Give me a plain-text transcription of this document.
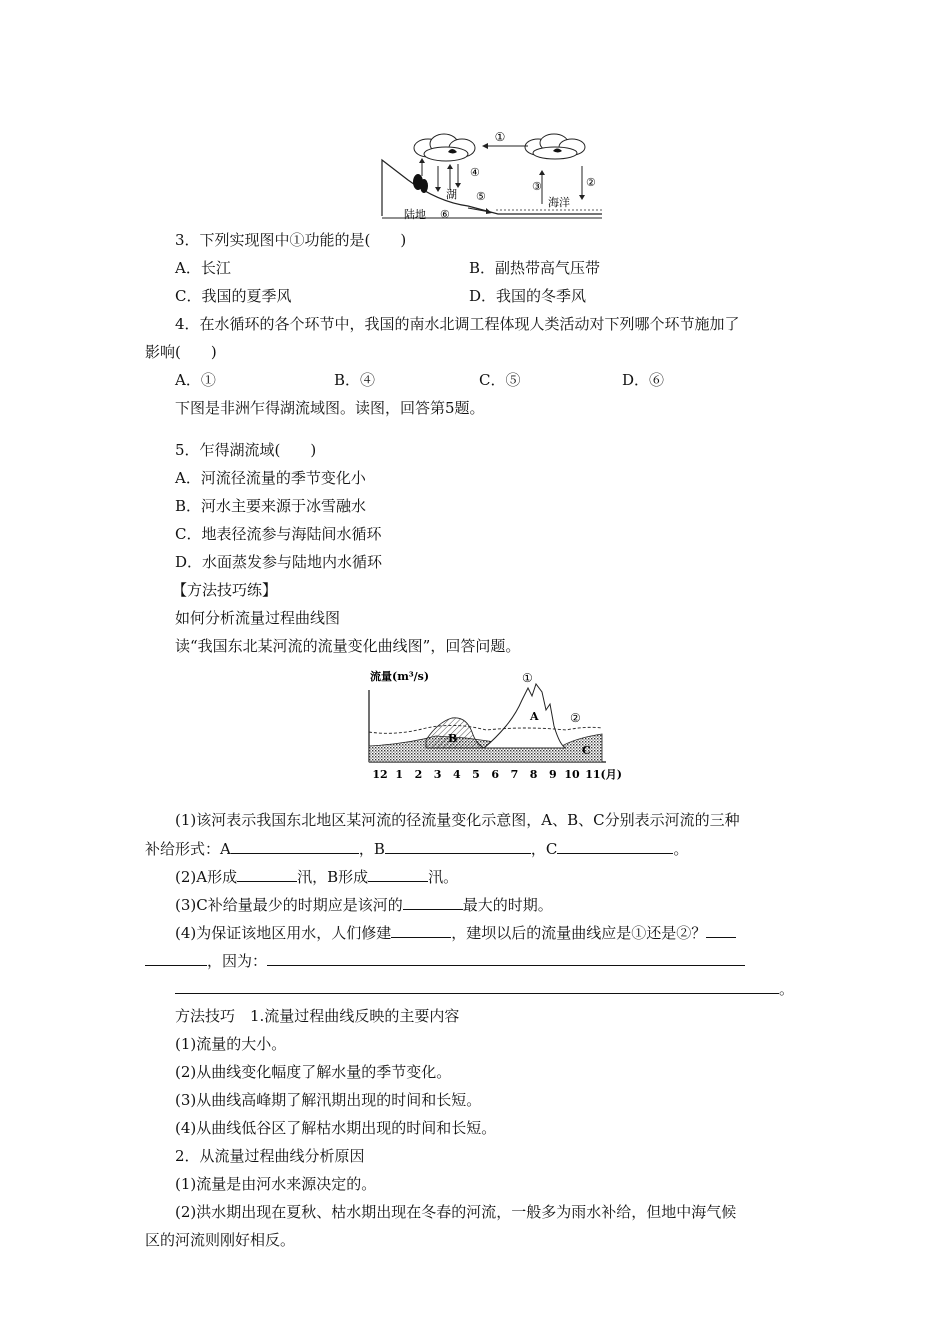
①
④
湖 ⑤
⑥
陆地
③	②
海洋
3．下列实现图中①功能的是(　　)
A．长江	B．副热带高气压带
C．我国的夏季风	D．我国的冬季风
4．在水循环的各个环节中，我国的南水北调工程体现人类活动对下列哪个环节施加了
影响(　　)
A．①	B．④	C．⑤	D．⑥
下图是非洲乍得湖流域图。读图，回答第5题。
5．乍得湖流域(　　)
A．河流径流量的季节变化小
B．河水主要来源于冰雪融水
C．地表径流参与海陆间水循环
D．水面蒸发参与陆地内水循环
【方法技巧练】
如何分析流量过程曲线图
读“我国东北某河流的流量变化曲线图”，回答问题。
流量(m³/s)	①
②
A
B
C
12 1 2 3 4 5 6 7 8 9 10 11(月)
(1)该河表示我国东北地区某河流的径流量变化示意图，A、B、C分别表示河流的三种
补给形式：A	，B	，C	。
(2)A形成	汛，B形成	汛。
(3)C补给量最少的时期应是该河的	最大的时期。
(4)为保证该地区用水，人们修建	，建坝以后的流量曲线应是①还是②？
，因为：
。
方法技巧　1.流量过程曲线反映的主要内容
(1)流量的大小。
(2)从曲线变化幅度了解水量的季节变化。
(3)从曲线高峰期了解汛期出现的时间和长短。
(4)从曲线低谷区了解枯水期出现的时间和长短。
2．从流量过程曲线分析原因
(1)流量是由河水来源决定的。
(2)洪水期出现在夏秋、枯水期出现在冬春的河流，一般多为雨水补给，但地中海气候
区的河流则刚好相反。
